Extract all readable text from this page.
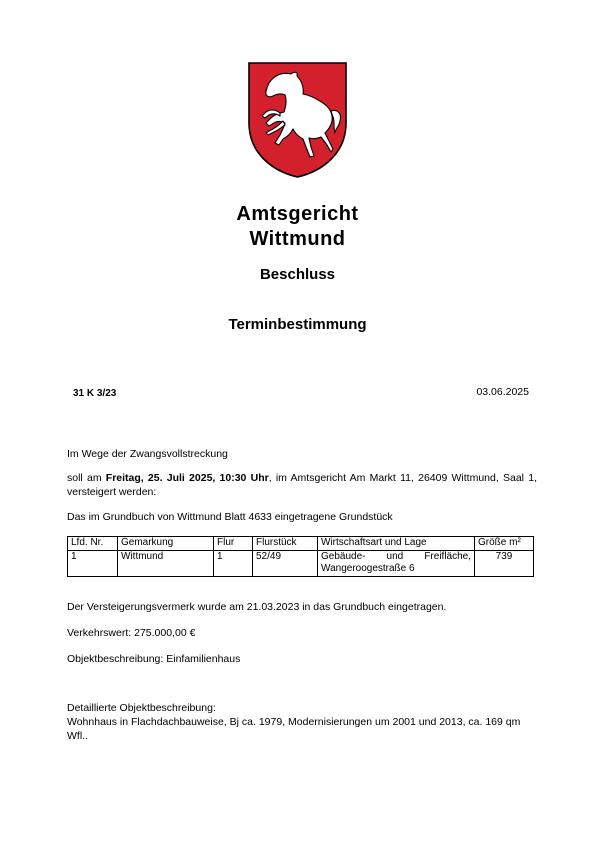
Amtsgericht
Wittmund
Beschluss
Terminbestimmung
31 K 3/23	03.06.2025
Im Wege der Zwangsvollstreckung
soll am Freitag, 25. Juli 2025, 10:30 Uhr, im Amtsgericht Am Markt 11, 26409 Wittmund, Saal 1, versteigert werden:
Das im Grundbuch von Wittmund Blatt 4633 eingetragene Grundstück
Lfd. Nr.	Gemarkung	Flur	Flurstück	Wirtschaftsart und Lage	Größe m²
1	Wittmund	1	52/49	Gebäude- und Freifläche, Wangeroogestraße 6	739
Der Versteigerungsvermerk wurde am 21.03.2023 in das Grundbuch eingetragen.
Verkehrswert: 275.000,00 €
Objektbeschreibung: Einfamilienhaus
Detaillierte Objektbeschreibung:
Wohnhaus in Flachdachbauweise, Bj ca. 1979, Modernisierungen um 2001 und 2013, ca. 169 qm Wfl..
